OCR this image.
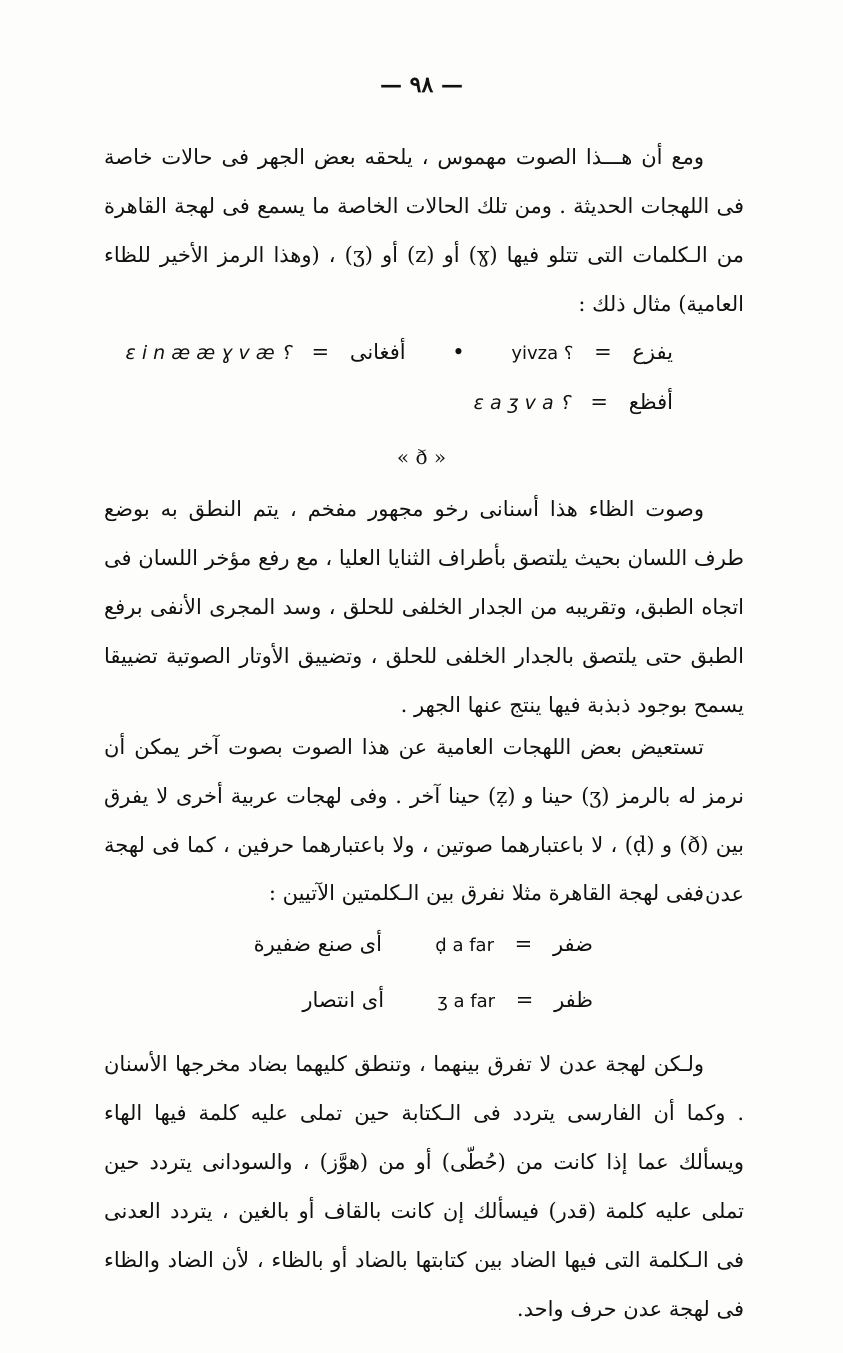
— ٩٨ —

ومع أن هـــذا الصوت مهموس ، يلحقه بعض الجهر فى حالات خاصة فى اللهجات الحديثة . ومن تلك الحالات الخاصة ما يسمع فى لهجة القاهرة من الـكلمات التى تتلو فيها (ɣ) أو (z) أو (ʒ) ، (وهذا الرمز الأخير للظاء العامية) مثال ذلك :

يفزع = yivza ؟ • أفغانى = ɛ i n æ æ ɣ v æ ؟
أفظع = ɛ a ʒ v a ؟
« ð »

وصوت الظاء هذا أسنانى رخو مجهور مفخم ، يتم النطق به بوضع طرف اللسان بحيث يلتصق بأطراف الثنايا العليا ، مع رفع مؤخر اللسان فى اتجاه الطبق، وتقريبه من الجدار الخلفى للحلق ، وسد المجرى الأنفى برفع الطبق حتى يلتصق بالجدار الخلفى للحلق ، وتضييق الأوتار الصوتية تضييقا يسمح بوجود ذبذبة فيها ينتج عنها الجهر .

تستعيض بعض اللهجات العامية عن هذا الصوت بصوت آخر يمكن أن نرمز له بالرمز (ʒ) حينا و (ẓ) حينا آخر . وفى لهجات عربية أخرى لا يفرق بين (ð) و (ḍ) ، لا باعتبارهما صوتين ، ولا باعتبارهما حرفين ، كما فى لهجة عدن .

ففى لهجة القاهرة مثلا نفرق بين الـكلمتين الآتيين :

ضفر = ḍ a far  أى صنع ضفيرة
ظفر = ʒ a far  أى انتصار

ولـكن لهجة عدن لا تفرق بينهما ، وتنطق كليهما بضاد مخرجها الأسنان . وكما أن الفارسى يتردد فى الـكتابة حين تملى عليه كلمة فيها الهاء ويسألك عما إذا كانت من (حُطّى) أو من (هوَّز) ، والسودانى يتردد حين تملى عليه كلمة (قدر) فيسألك إن كانت بالقاف أو بالغين ، يتردد العدنى فى الـكلمة التى فيها الضاد بين كتابتها بالضاد أو بالظاء ، لأن الضاد والظاء فى لهجة عدن حرف واحد.
